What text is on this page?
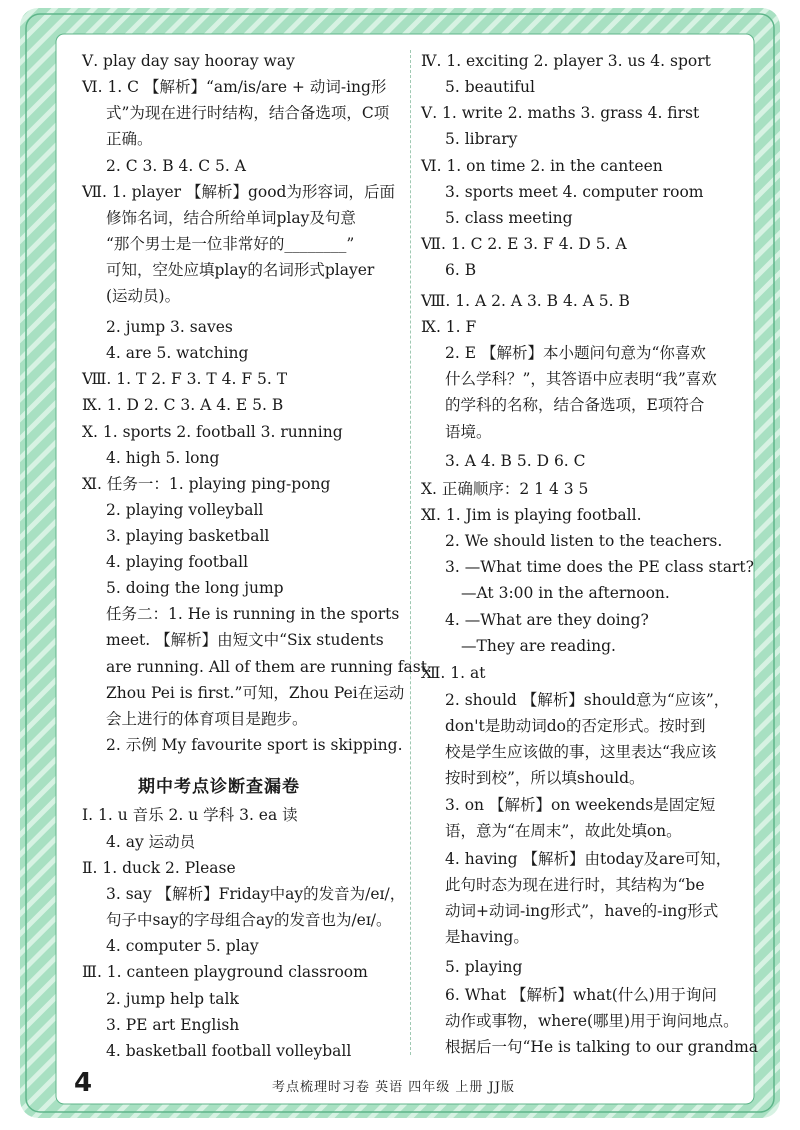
Ⅴ. play day say hooray way
Ⅵ. 1. C 【解析】“am/is/are + 动词-ing形
式”为现在进行时结构，结合备选项，C项
正确。
2. C 3. B 4. C 5. A
Ⅶ. 1. player 【解析】good为形容词，后面
修饰名词，结合所给单词play及句意
“那个男士是一位非常好的________”
可知，空处应填play的名词形式player
(运动员)。
2. jump 3. saves
4. are 5. watching
Ⅷ. 1. T 2. F 3. T 4. F 5. T
Ⅸ. 1. D 2. C 3. A 4. E 5. B
Ⅹ. 1. sports 2. football 3. running
4. high 5. long
Ⅺ. 任务一：1. playing ping-pong
2. playing volleyball
3. playing basketball
4. playing football
5. doing the long jump
任务二：1. He is running in the sports
meet. 【解析】由短文中“Six students
are running. All of them are running fast.
Zhou Pei is first.”可知，Zhou Pei在运动
会上进行的体育项目是跑步。
2. 示例 My favourite sport is skipping.
期中考点诊断查漏卷
Ⅰ. 1. u 音乐 2. u 学科 3. ea 读
4. ay 运动员
Ⅱ. 1. duck 2. Please
3. say 【解析】Friday中ay的发音为/eɪ/，
句子中say的字母组合ay的发音也为/eɪ/。
4. computer 5. play
Ⅲ. 1. canteen playground classroom
2. jump help talk
3. PE art English
4. basketball football volleyball
Ⅳ. 1. exciting 2. player 3. us 4. sport
5. beautiful
Ⅴ. 1. write 2. maths 3. grass 4. first
5. library
Ⅵ. 1. on time 2. in the canteen
3. sports meet 4. computer room
5. class meeting
Ⅶ. 1. C 2. E 3. F 4. D 5. A
6. B
Ⅷ. 1. A 2. A 3. B 4. A 5. B
Ⅸ. 1. F
2. E 【解析】本小题问句意为“你喜欢
什么学科？”，其答语中应表明“我”喜欢
的学科的名称，结合备选项，E项符合
语境。
3. A 4. B 5. D 6. C
Ⅹ. 正确顺序：2 1 4 3 5
Ⅺ. 1. Jim is playing football.
2. We should listen to the teachers.
3. —What time does the PE class start?
—At 3:00 in the afternoon.
4. —What are they doing?
—They are reading.
Ⅻ. 1. at
2. should 【解析】should意为“应该”，
don't是助动词do的否定形式。按时到
校是学生应该做的事，这里表达“我应该
按时到校”，所以填should。
3. on 【解析】on weekends是固定短
语，意为“在周末”，故此处填on。
4. having 【解析】由today及are可知，
此句时态为现在进行时，其结构为“be
动词+动词-ing形式”，have的-ing形式
是having。
5. playing
6. What 【解析】what(什么)用于询问
动作或事物，where(哪里)用于询问地点。
根据后一句“He is talking to our grandma
4	考点梳理时习卷 英语 四年级 上册 JJ版
